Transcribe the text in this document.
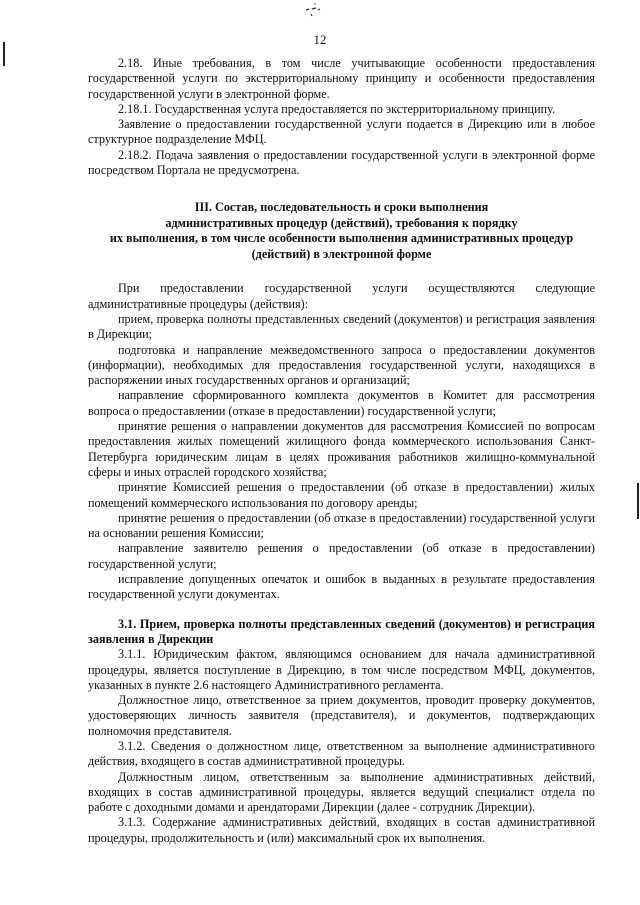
12

2.18. Иные требования, в том числе учитывающие особенности предоставления государственной услуги по экстерриториальному принципу и особенности предоставления государственной услуги в электронной форме.

2.18.1. Государственная услуга предоставляется по экстерриториальному принципу.

Заявление о предоставлении государственной услуги подается в Дирекцию или в любое структурное подразделение МФЦ.

2.18.2. Подача заявления о предоставлении государственной услуги в электронной форме посредством Портала не предусмотрена.

III. Состав, последовательность и сроки выполнения
административных процедур (действий), требования к порядку
их выполнения, в том числе особенности выполнения административных процедур
(действий) в электронной форме

При предоставлении государственной услуги осуществляются следующие административные процедуры (действия):

прием, проверка полноты представленных сведений (документов) и регистрация заявления в Дирекции;

подготовка и направление межведомственного запроса о предоставлении документов (информации), необходимых для предоставления государственной услуги, находящихся в распоряжении иных государственных органов и организаций;

направление сформированного комплекта документов в Комитет для рассмотрения вопроса о предоставлении (отказе в предоставлении) государственной услуги;

принятие решения о направлении документов для рассмотрения Комиссией по вопросам предоставления жилых помещений жилищного фонда коммерческого использования Санкт-Петербурга юридическим лицам в целях проживания работников жилищно-коммунальной сферы и иных отраслей городского хозяйства;

принятие Комиссией решения о предоставлении (об отказе в предоставлении) жилых помещений коммерческого использования по договору аренды;

принятие решения о предоставлении (об отказе в предоставлении) государственной услуги на основании решения Комиссии;

направление заявителю решения о предоставлении (об отказе в предоставлении) государственной услуги;

исправление допущенных опечаток и ошибок в выданных в результате предоставления государственной услуги документах.

3.1. Прием, проверка полноты представленных сведений (документов) и регистрация заявления в Дирекции

3.1.1. Юридическим фактом, являющимся основанием для начала административной процедуры, является поступление в Дирекцию, в том числе посредством МФЦ, документов, указанных в пункте 2.6 настоящего Административного регламента.

Должностное лицо, ответственное за прием документов, проводит проверку документов, удостоверяющих личность заявителя (представителя), и документов, подтверждающих полномочия представителя.

3.1.2. Сведения о должностном лице, ответственном за выполнение административного действия, входящего в состав административной процедуры.

Должностным лицом, ответственным за выполнение административных действий, входящих в состав административной процедуры, является ведущий специалист отдела по работе с доходными домами и арендаторами Дирекции (далее - сотрудник Дирекции).

3.1.3. Содержание административных действий, входящих в состав административной процедуры, продолжительность и (или) максимальный срок их выполнения.
